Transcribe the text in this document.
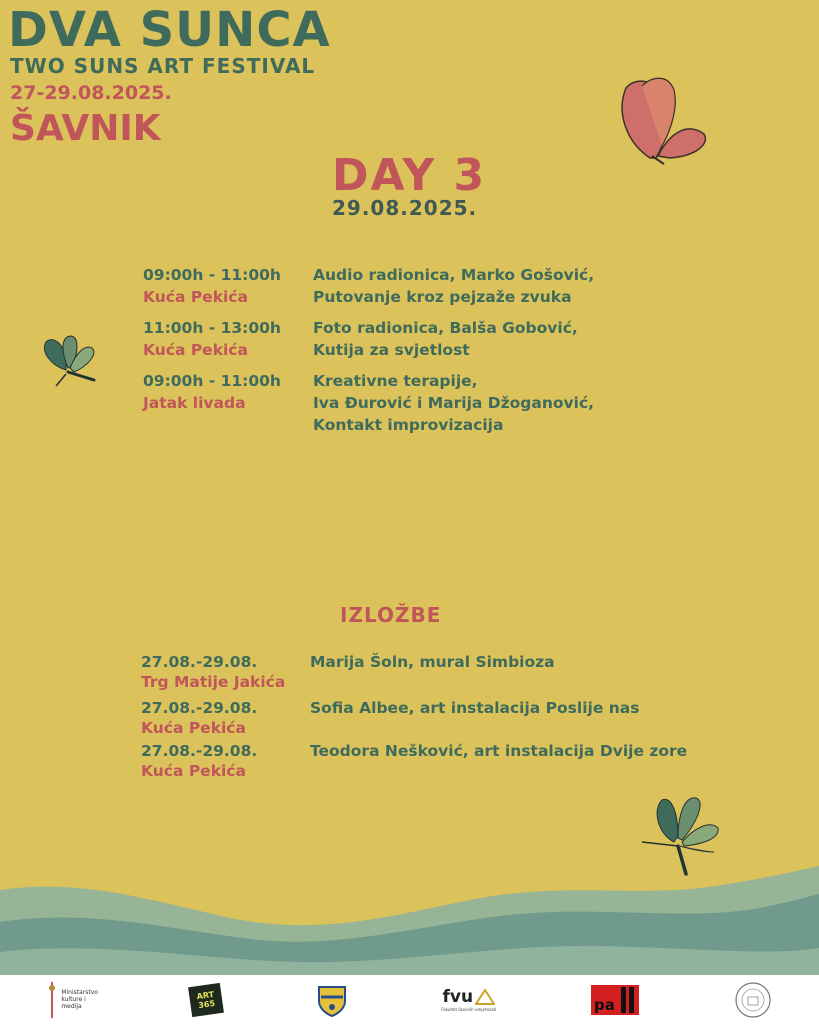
DVA SUNCA
TWO SUNS ART FESTIVAL
27-29.08.2025.
ŠAVNIK
DAY 3
29.08.2025.
09:00h - 11:00h
Kuća Pekića
Audio radionica, Marko Gošović,
Putovanje kroz pejzaže zvuka
11:00h - 13:00h
Kuća Pekića
Foto radionica, Balša Gobović,
Kutija za svjetlost
09:00h - 11:00h
Jatak livada
Kreativne terapije,
Iva Đurović i Marija Džoganović,
Kontakt improvizacija
IZLOŽBE
27.08.-29.08.
Trg Matije Jakića
Marija Šoln, mural Simbioza
27.08.-29.08.
Kuća Pekića
Sofia Albee, art instalacija Poslije nas
27.08.-29.08.
Kuća Pekića
Teodora Nešković, art instalacija Dvije zore
Ministarstvo kulture i medija
ART 365	fvu
Fakultet likovnih umjetnosti	pa
